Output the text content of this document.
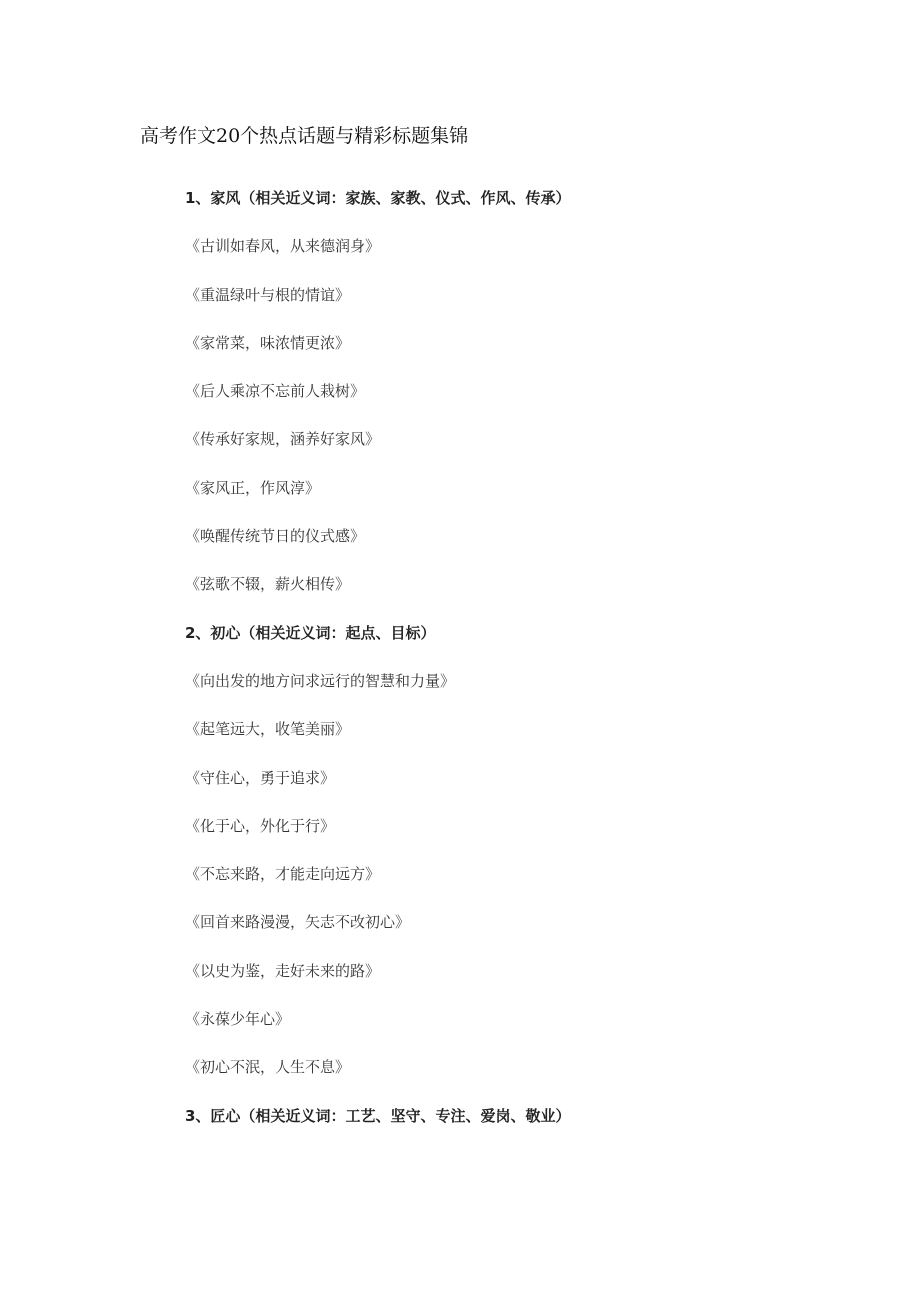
高考作文20个热点话题与精彩标题集锦
1、家风（相关近义词：家族、家教、仪式、作风、传承）
《古训如春风，从来德润身》
《重温绿叶与根的情谊》
《家常菜，味浓情更浓》
《后人乘凉不忘前人栽树》
《传承好家规，涵养好家风》
《家风正，作风淳》
《唤醒传统节日的仪式感》
《弦歌不辍，薪火相传》
2、初心（相关近义词：起点、目标）
《向出发的地方问求远行的智慧和力量》
《起笔远大，收笔美丽》
《守住心，勇于追求》
《化于心，外化于行》
《不忘来路，才能走向远方》
《回首来路漫漫，矢志不改初心》
《以史为鉴，走好未来的路》
《永葆少年心》
《初心不泯，人生不息》
3、匠心（相关近义词：工艺、坚守、专注、爱岗、敬业）
